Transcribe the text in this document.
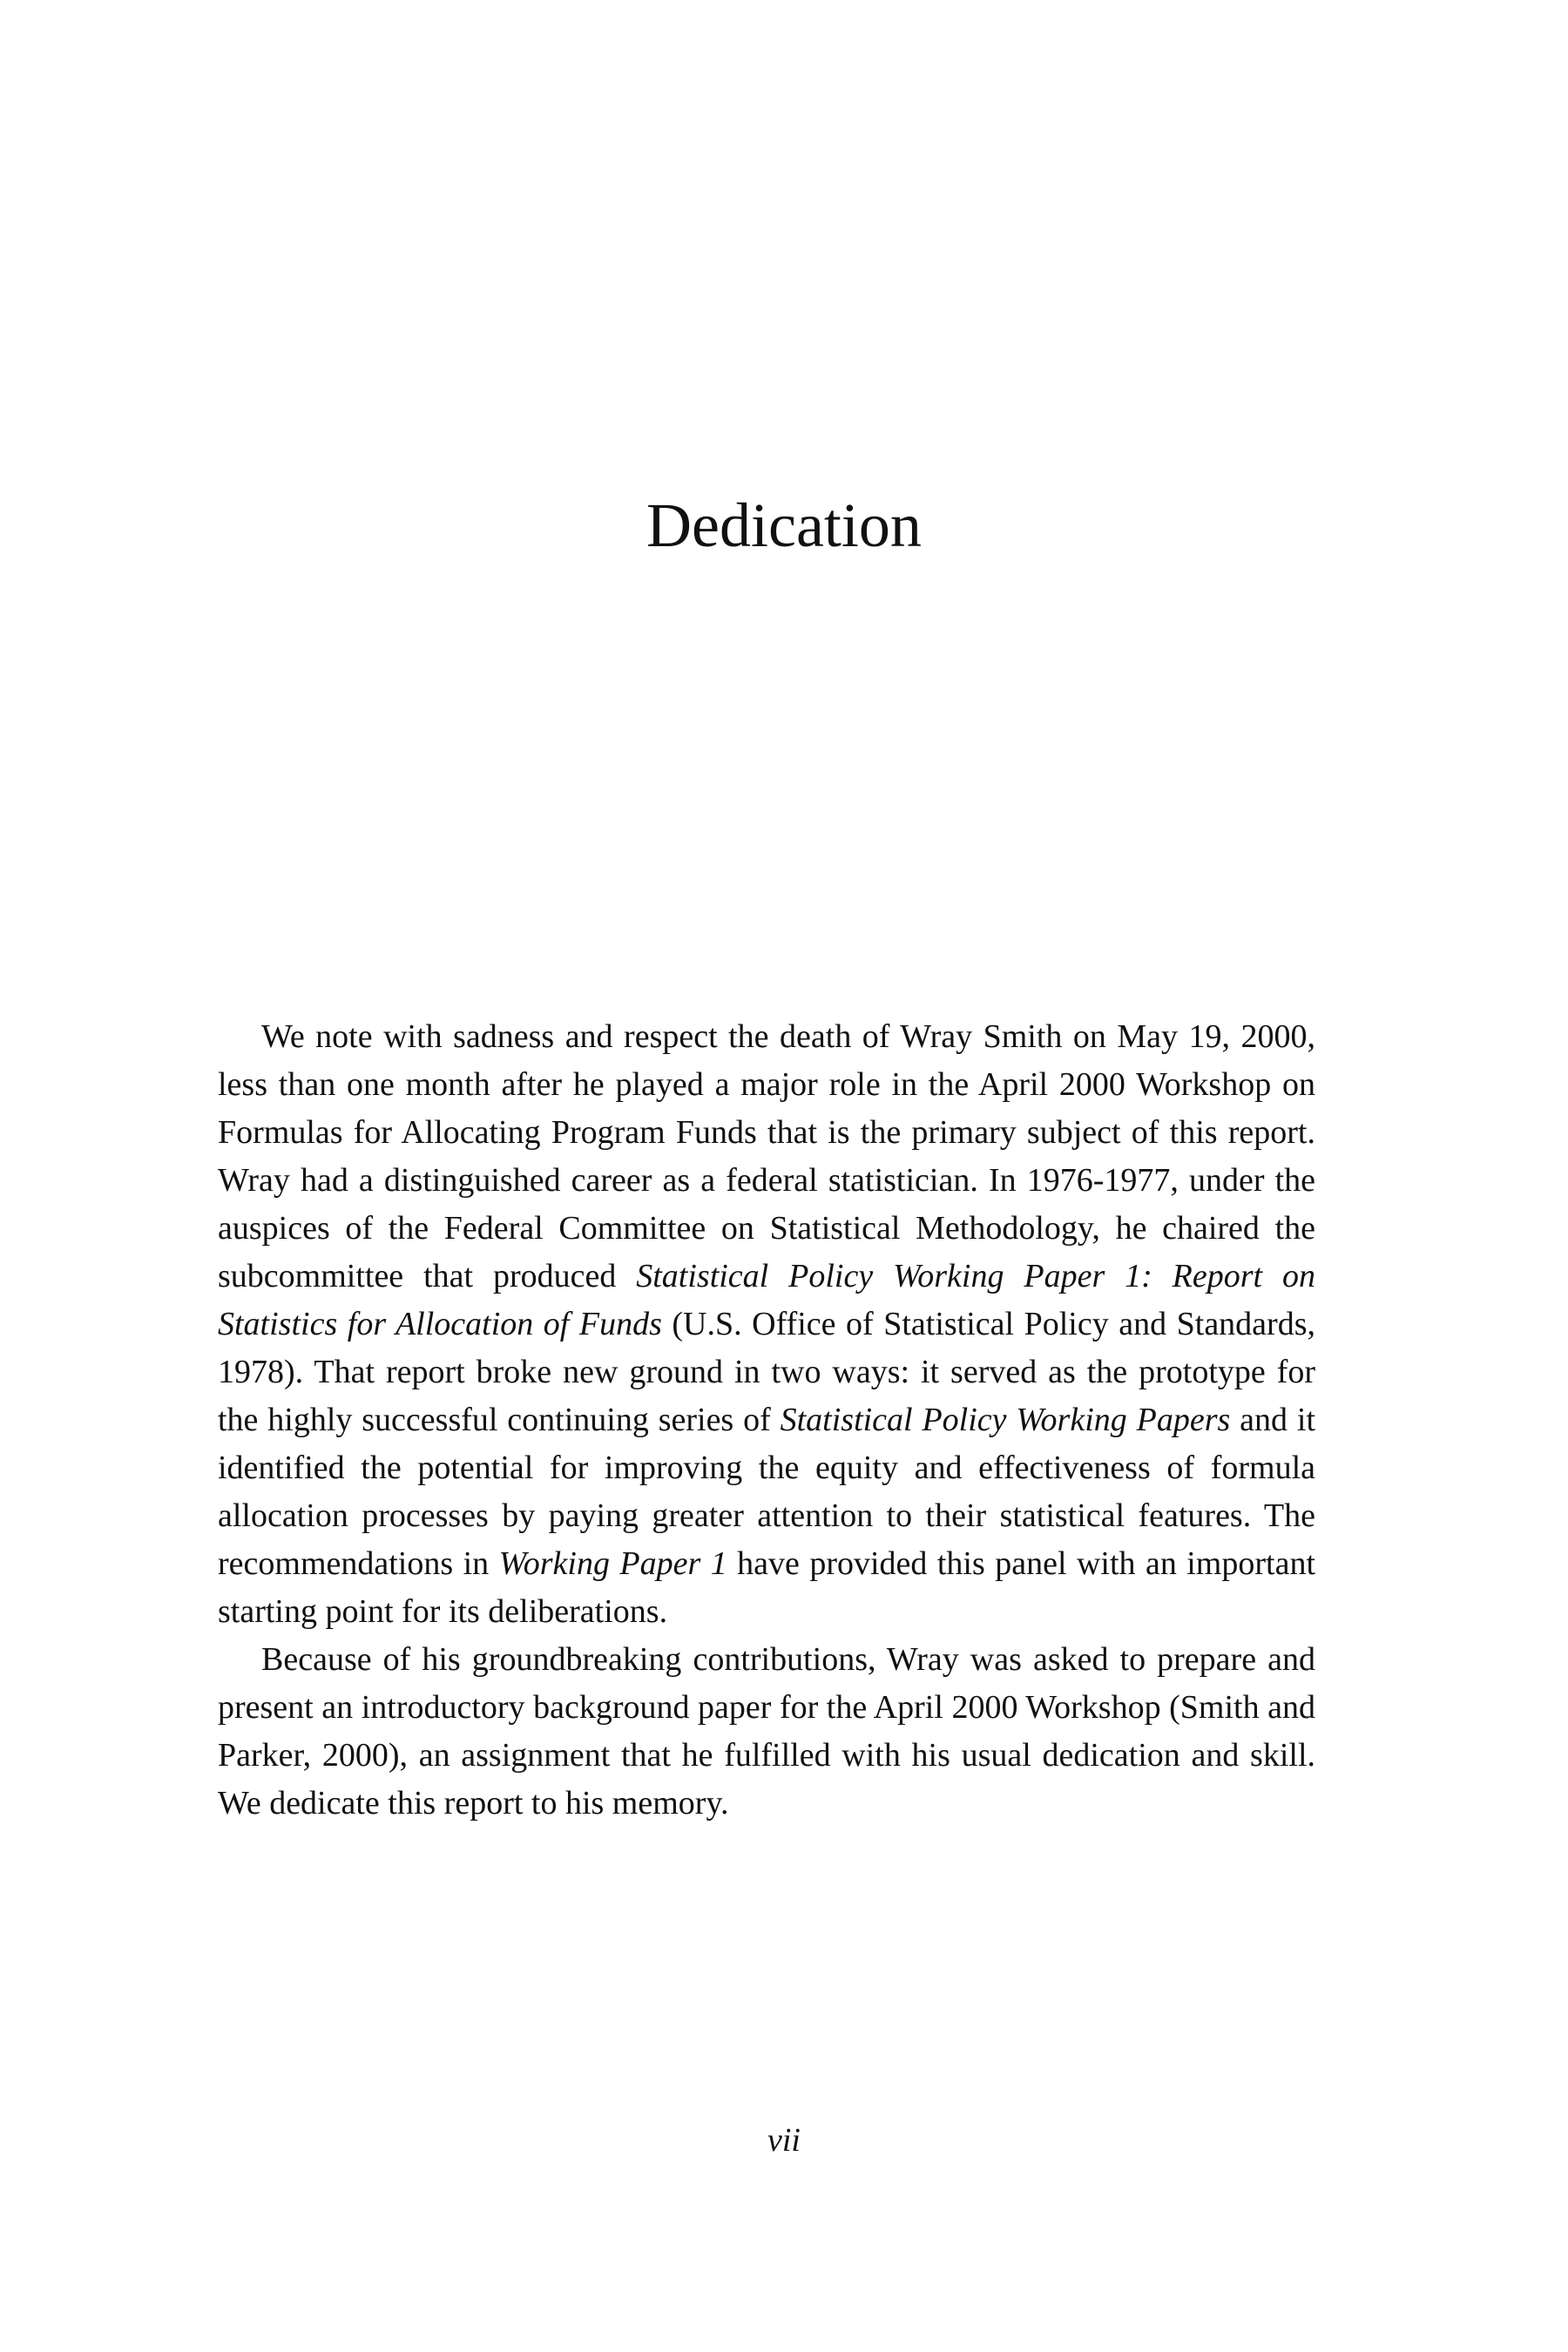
Dedication

We note with sadness and respect the death of Wray Smith on May 19, 2000, less than one month after he played a major role in the April 2000 Workshop on Formulas for Allocating Program Funds that is the primary subject of this report. Wray had a distinguished career as a federal statistician. In 1976-1977, under the auspices of the Federal Committee on Statistical Methodology, he chaired the subcommittee that produced Statistical Policy Working Paper 1: Report on Statistics for Allocation of Funds (U.S. Office of Statistical Policy and Standards, 1978). That report broke new ground in two ways: it served as the prototype for the highly successful continuing series of Statistical Policy Working Papers and it identified the potential for improving the equity and effectiveness of formula allocation processes by paying greater attention to their statistical features. The recommendations in Working Paper 1 have provided this panel with an important starting point for its deliberations.

Because of his groundbreaking contributions, Wray was asked to prepare and present an introductory background paper for the April 2000 Workshop (Smith and Parker, 2000), an assignment that he fulfilled with his usual dedication and skill. We dedicate this report to his memory.

vii
